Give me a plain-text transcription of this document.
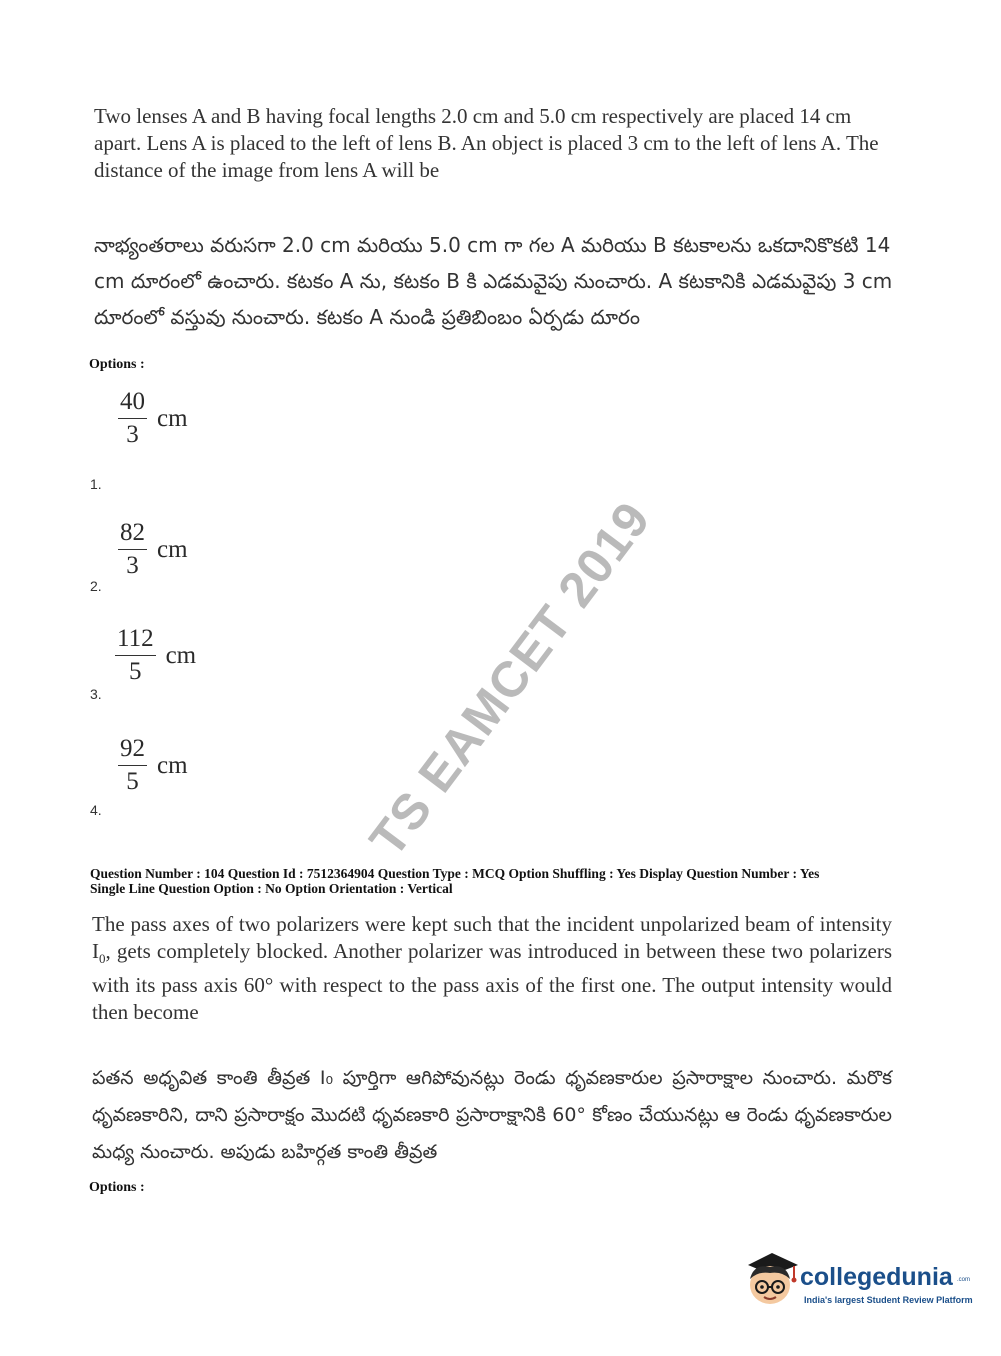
Two lenses A and B having focal lengths 2.0 cm and 5.0 cm respectively are placed 14 cm apart. Lens A is placed to the left of lens B. An object is placed 3 cm to the left of lens A. The distance of the image from lens A will be
నాభ్యంతరాలు వరుసగా 2.0 cm మరియు 5.0 cm గా గల A మరియు B కటకాలను ఒకదానికొకటి 14 cm దూరంలో ఉంచారు. కటకం A ను, కటకం B కి ఎడమవైపు నుంచారు. A కటకానికి ఎడమవైపు 3 cm దూరంలో వస్తువు నుంచారు. కటకం A నుండి ప్రతిబింబం ఏర్పడు దూరం
Options :
$\frac{40}{3}$ cm
1.
$\frac{82}{3}$ cm
2.
$\frac{112}{5}$ cm
3.
$\frac{92}{5}$ cm
4.
Question Number : 104 Question Id : 7512364904 Question Type : MCQ Option Shuffling : Yes Display Question Number : Yes
Single Line Question Option : No Option Orientation : Vertical
The pass axes of two polarizers were kept such that the incident unpolarized beam of intensity $I_0$, gets completely blocked. Another polarizer was introduced in between these two polarizers with its pass axis 60° with respect to the pass axis of the first one. The output intensity would then become
పతన అధృవిత కాంతి తీవ్రత I₀ పూర్తిగా ఆగిపోవునట్లు రెండు ధృవణకారుల ప్రసారాక్షాల నుంచారు. మరొక ధృవణకారిని, దాని ప్రసారాక్షం మొదటి ధృవణకారి ప్రసారాక్షానికి 60° కోణం చేయునట్లు ఆ రెండు ధృవణకారుల మధ్య నుంచారు. అపుడు బహిర్గత కాంతి తీవ్రత
Options :
TS EAMCET 2019
collegedunia .com
India's largest Student Review Platform
